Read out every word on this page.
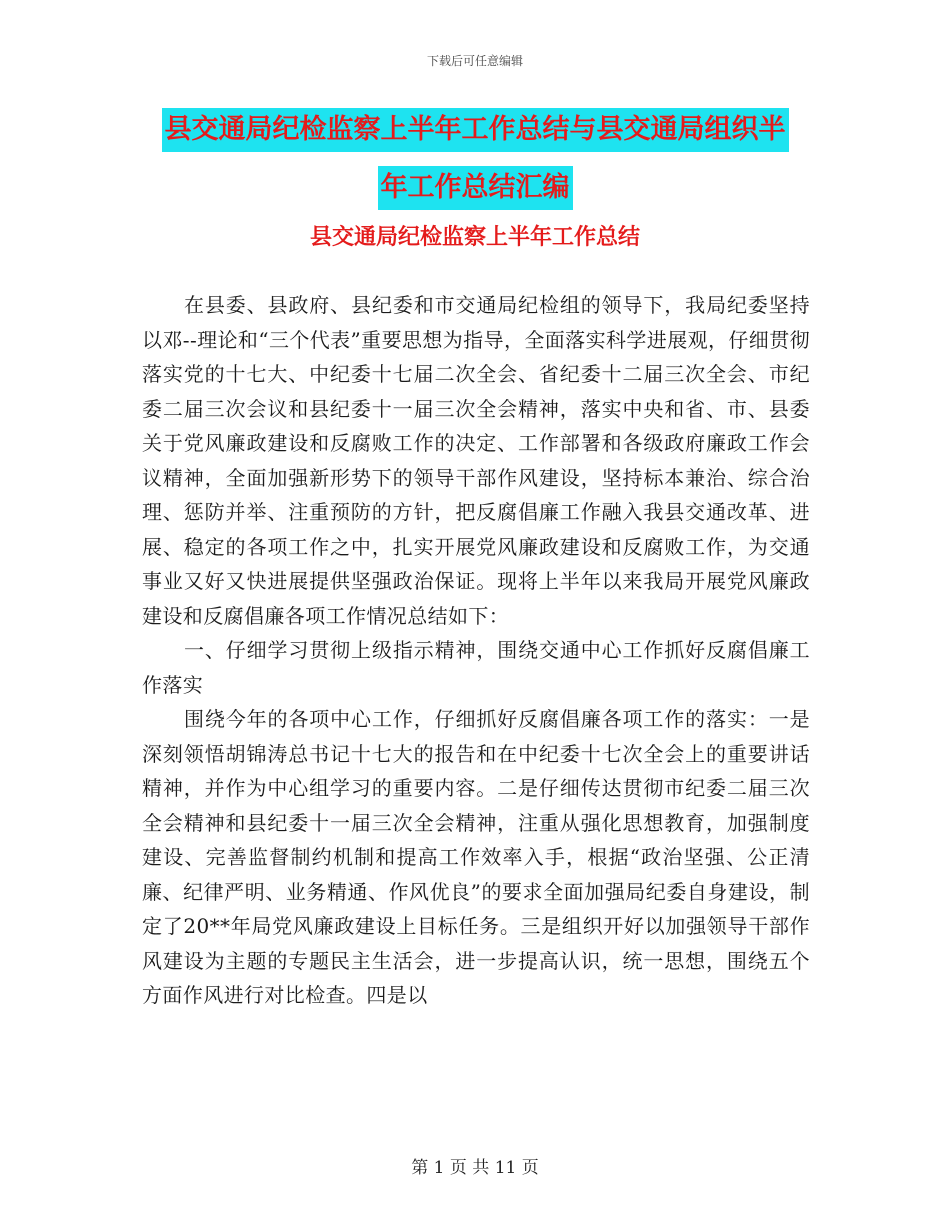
下载后可任意编辑
县交通局纪检监察上半年工作总结与县交通局组织半
年工作总结汇编
县交通局纪检监察上半年工作总结

在县委、县政府、县纪委和市交通局纪检组的领导下，我局纪委坚持以邓--理论和“三个代表”重要思想为指导，全面落实科学进展观，仔细贯彻落实党的十七大、中纪委十七届二次全会、省纪委十二届三次全会、市纪委二届三次会议和县纪委十一届三次全会精神，落实中央和省、市、县委关于党风廉政建设和反腐败工作的决定、工作部署和各级政府廉政工作会议精神，全面加强新形势下的领导干部作风建设，坚持标本兼治、综合治理、惩防并举、注重预防的方针，把反腐倡廉工作融入我县交通改革、进展、稳定的各项工作之中，扎实开展党风廉政建设和反腐败工作，为交通事业又好又快进展提供坚强政治保证。现将上半年以来我局开展党风廉政建设和反腐倡廉各项工作情况总结如下：

一、仔细学习贯彻上级指示精神，围绕交通中心工作抓好反腐倡廉工作落实

围绕今年的各项中心工作，仔细抓好反腐倡廉各项工作的落实：一是深刻领悟胡锦涛总书记十七大的报告和在中纪委十七次全会上的重要讲话精神，并作为中心组学习的重要内容。二是仔细传达贯彻市纪委二届三次全会精神和县纪委十一届三次全会精神，注重从强化思想教育，加强制度建设、完善监督制约机制和提高工作效率入手，根据“政治坚强、公正清廉、纪律严明、业务精通、作风优良”的要求全面加强局纪委自身建设，制定了20**年局党风廉政建设上目标任务。三是组织开好以加强领导干部作风建设为主题的专题民主生活会，进一步提高认识，统一思想，围绕五个方面作风进行对比检查。四是以

第 1 页 共 11 页
